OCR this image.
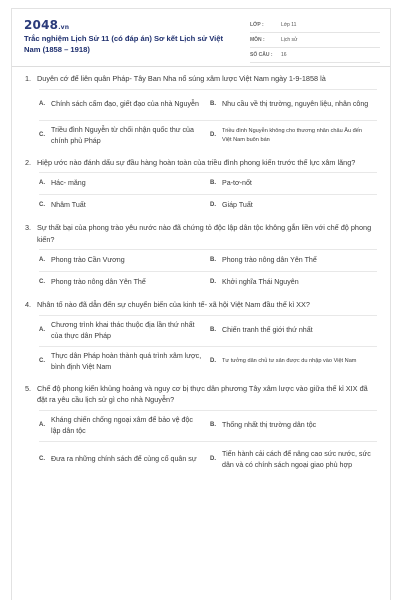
2048.vn
Trắc nghiệm Lịch Sử 11 (có đáp án) Sơ kết Lịch sử Việt Nam (1858 – 1918)
LỚP :	Lớp 11
MÔN :	Lịch sử
SỐ CÂU :	16
1. Duyên cớ để liên quân Pháp- Tây Ban Nha nổ súng xâm lược Việt Nam ngày 1-9-1858 là
A. Chính sách cấm đạo, giết đạo của nhà Nguyễn	B. Nhu cầu về thị trường, nguyên liệu, nhân công
C.
Triều đình Nguyễn từ chối nhận quốc thư của chính phủ Pháp
D.
Triều đình Nguyễn không cho thương nhân châu Âu đến Việt Nam buôn bán
2. Hiệp ước nào đánh dấu sự đầu hàng hoàn toàn của triều đình phong kiến trước thế lực xâm lăng?
A. Hác- măng	B. Pa-tơ-nốt
C. Nhâm Tuất	D. Giáp Tuất
3. Sự thất bại của phong trào yêu nước nào đã chứng tỏ độc lập dân tộc không gắn liền với chế độ phong kiến?
A. Phong trào Cần Vương	B. Phong trào nông dân Yên Thế
C. Phong trào nông dân Yên Thế	D. Khởi nghĩa Thái Nguyên
4. Nhân tố nào đã dẫn đến sự chuyển biến của kinh tế- xã hội Việt Nam đầu thế kỉ XX?
A.
Chương trình khai thác thuộc địa lần thứ nhất của thực dân Pháp
B. Chiến tranh thế giới thứ nhất
C.
Thực dân Pháp hoàn thành quá trình xâm lược, bình định Việt Nam
D.	Tư tưởng dân chủ tư sản được du nhập vào Việt Nam
5. Chế độ phong kiến khủng hoảng và nguy cơ bị thực dân phương Tây xâm lược vào giữa thế kỉ XIX đã đặt ra yêu cầu lịch sử gì cho nhà Nguyễn?
A.
Kháng chiến chống ngoại xâm để bảo vệ độc lập dân tộc
B. Thống nhất thị trường dân tộc
C. Đưa ra những chính sách để củng cố quân sự	D.
Tiến hành cải cách để nâng cao sức nước, sức dân và có chính sách ngoại giao phù hợp
